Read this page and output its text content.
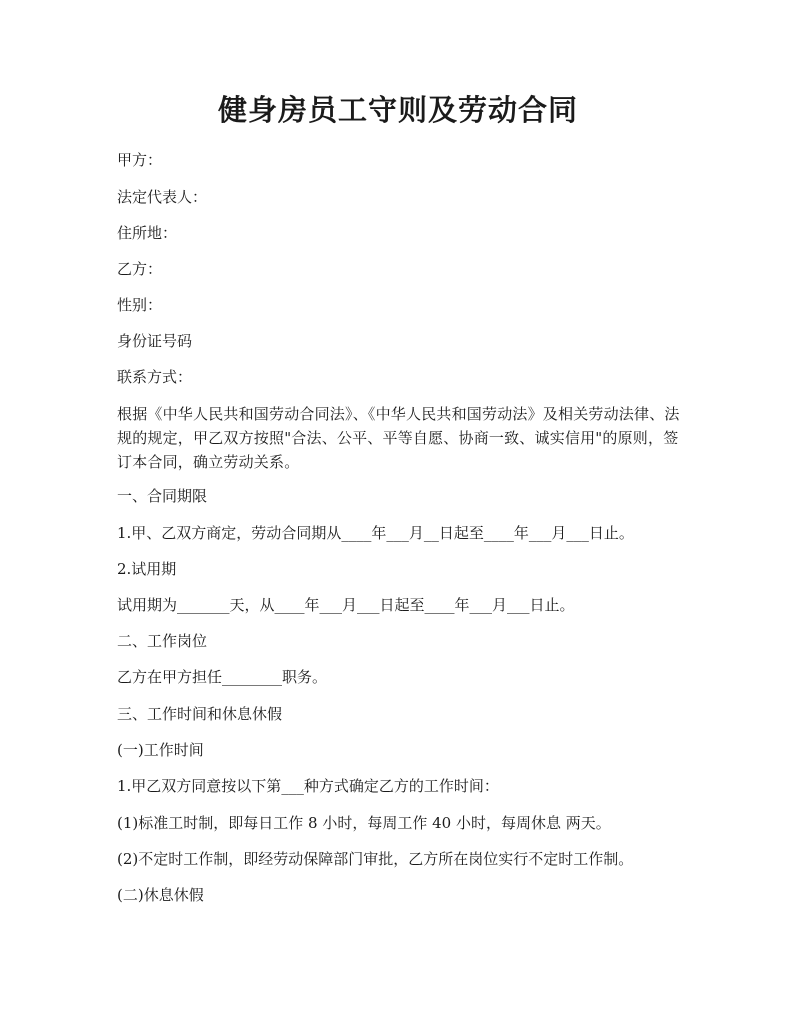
健身房员工守则及劳动合同
甲方：
法定代表人：
住所地：
乙方：
性别：
身份证号码
联系方式：
根据《中华人民共和国劳动合同法》、《中华人民共和国劳动法》及相关劳动法律、法规的规定，甲乙双方按照"合法、公平、平等自愿、协商一致、诚实信用"的原则，签订本合同，确立劳动关系。
一、合同期限
1.甲、乙双方商定，劳动合同期从____年___月__日起至____年___月___日止。
2.试用期
试用期为_______天，从____年___月___日起至____年___月___日止。
二、工作岗位
乙方在甲方担任________职务。
三、工作时间和休息休假
(一)工作时间
1.甲乙双方同意按以下第___种方式确定乙方的工作时间：
(1)标准工时制，即每日工作 8 小时，每周工作 40 小时，每周休息 两天。
(2)不定时工作制，即经劳动保障部门审批，乙方所在岗位实行不定时工作制。
(二)休息休假
